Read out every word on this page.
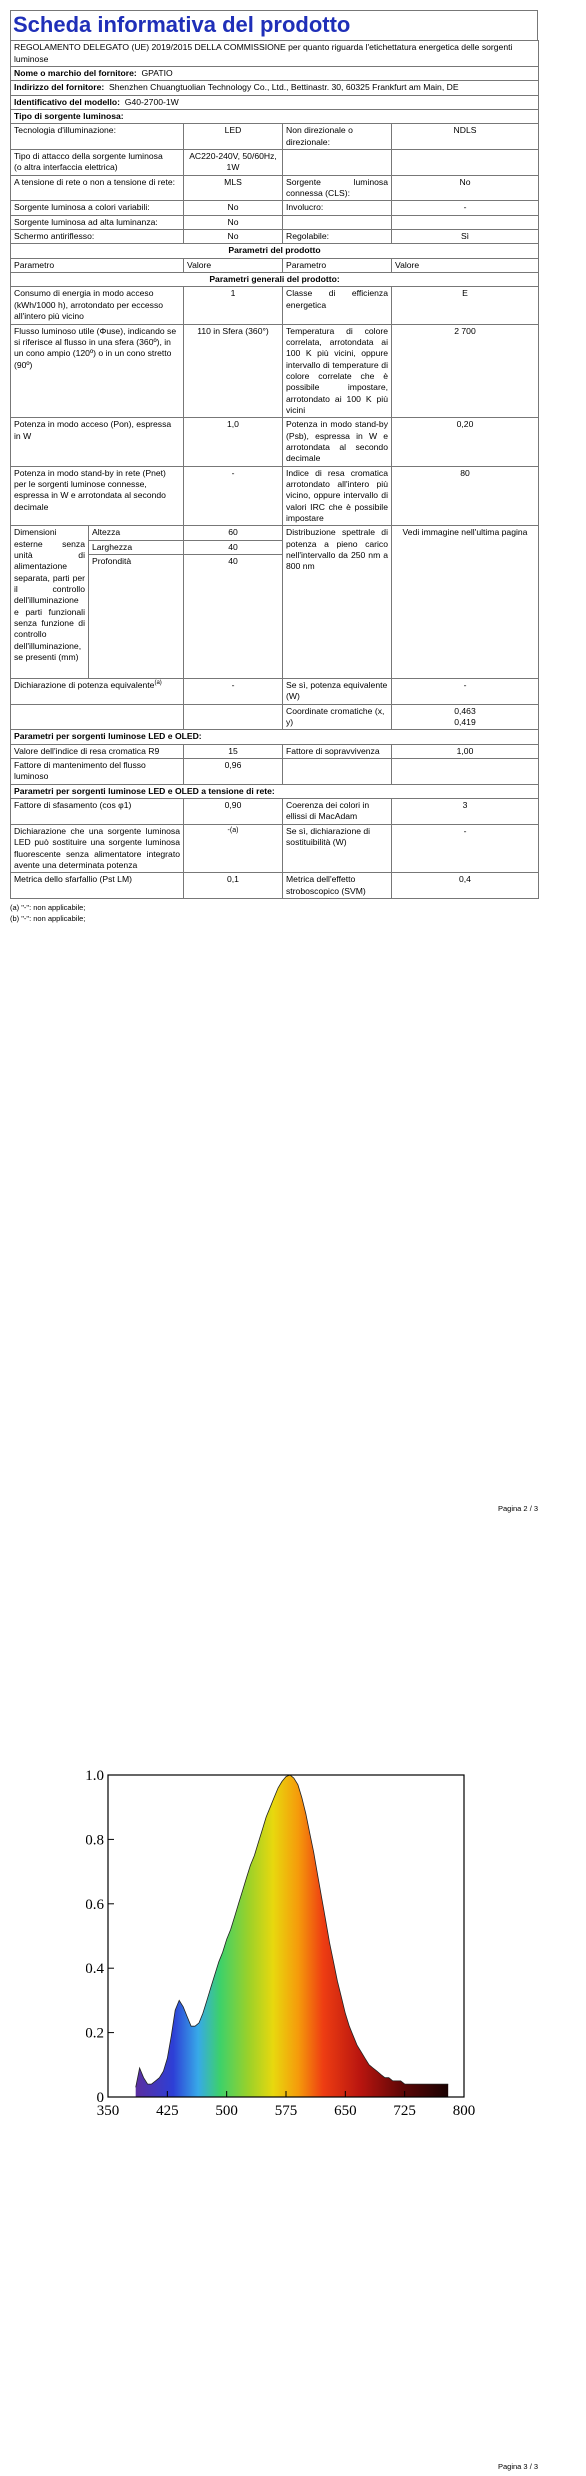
Scheda informativa del prodotto
REGOLAMENTO DELEGATO (UE) 2019/2015 DELLA COMMISSIONE per quanto riguarda l'etichettatura energetica delle sorgenti luminose				
Nome o marchio del fornitore: GPATIO				
Indirizzo del fornitore: Shenzhen Chuangtuolian Technology Co., Ltd., Bettinastr. 30, 60325 Frankfurt am Main, DE				
Identificativo del modello: G40-2700-1W				
Tipo di sorgente luminosa:				
Tecnologia d'illuminazione:		LED	Non direzionale o direzionale:	NDLS
Tipo di attacco della sorgente luminosa
(o altra interfaccia elettrica)		AC220-240V, 50/60Hz, 1W		
A tensione di rete o non a tensione di rete:		MLS	Sorgente luminosa connessa (CLS):	No
Sorgente luminosa a colori variabili:		No	Involucro:	-
Sorgente luminosa ad alta luminanza:		No		
Schermo antiriflesso:		No	Regolabile:	Sì
Parametri del prodotto				
Parametro		Valore	Parametro	Valore
Parametri generali del prodotto:				
Consumo di energia in modo acceso (kWh/1000 h), arrotondato per eccesso all'intero più vicino		1	Classe di efficienza energetica	E
Flusso luminoso utile (Φuse), indicando se si riferisce al flusso in una sfera (360º), in un cono ampio (120º) o in un cono stretto (90º)		110 in Sfera (360°)	Temperatura di colore correlata, arrotondata ai 100 K più vicini, oppure intervallo di temperature di colore correlate che è possibile impostare, arrotondato ai 100 K più vicini	2 700
Potenza in modo acceso (Pon), espressa in W		1,0	Potenza in modo stand-by (Psb), espressa in W e arrotondata al secondo decimale	0,20
Potenza in modo stand-by in rete (Pnet) per le sorgenti luminose connesse, espressa in W e arrotondata al secondo decimale		-	Indice di resa cromatica arrotondato all'intero più vicino, oppure intervallo di valori IRC che è possibile impostare	80
Dimensioni esterne senza unità di alimentazione separata, parti per il controllo dell'illuminazione e parti funzionali senza funzione di controllo dell'illuminazione, se presenti (mm)	Altezza	60	Distribuzione spettrale di potenza a pieno carico nell'intervallo da 250 nm a 800 nm	Vedi immagine nell'ultima pagina
	Larghezza	40		
	Profondità	40		
Dichiarazione di potenza equivalente$^{(a)}$		-	Se sì, potenza equivalente (W)	-
			Coordinate cromatiche (x, y)	0,463
0,419
Parametri per sorgenti luminose LED e OLED:				
Valore dell'indice di resa cromatica R9		15	Fattore di sopravvivenza	1,00
Fattore di mantenimento del flusso luminoso		0,96		
Parametri per sorgenti luminose LED e OLED a tensione di rete:				
Fattore di sfasamento (cos φ1)		0,90	Coerenza dei colori in ellissi di MacAdam	3
Dichiarazione che una sorgente luminosa LED può sostituire una sorgente luminosa fluorescente senza alimentatore integrato avente una determinata potenza		-(a)	Se sì, dichiarazione di sostituibilità (W)	-
Metrica dello sfarfallio (Pst LM)		0,1	Metrica dell'effetto stroboscopico (SVM)	0,4
(a) "-": non applicabile;
(b) "-": non applicabile;
Pagina 2 / 3
350 425 500 575 650 725 800
0
0.2
0.4
0.6
0.8
1.0
Pagina 3 / 3
